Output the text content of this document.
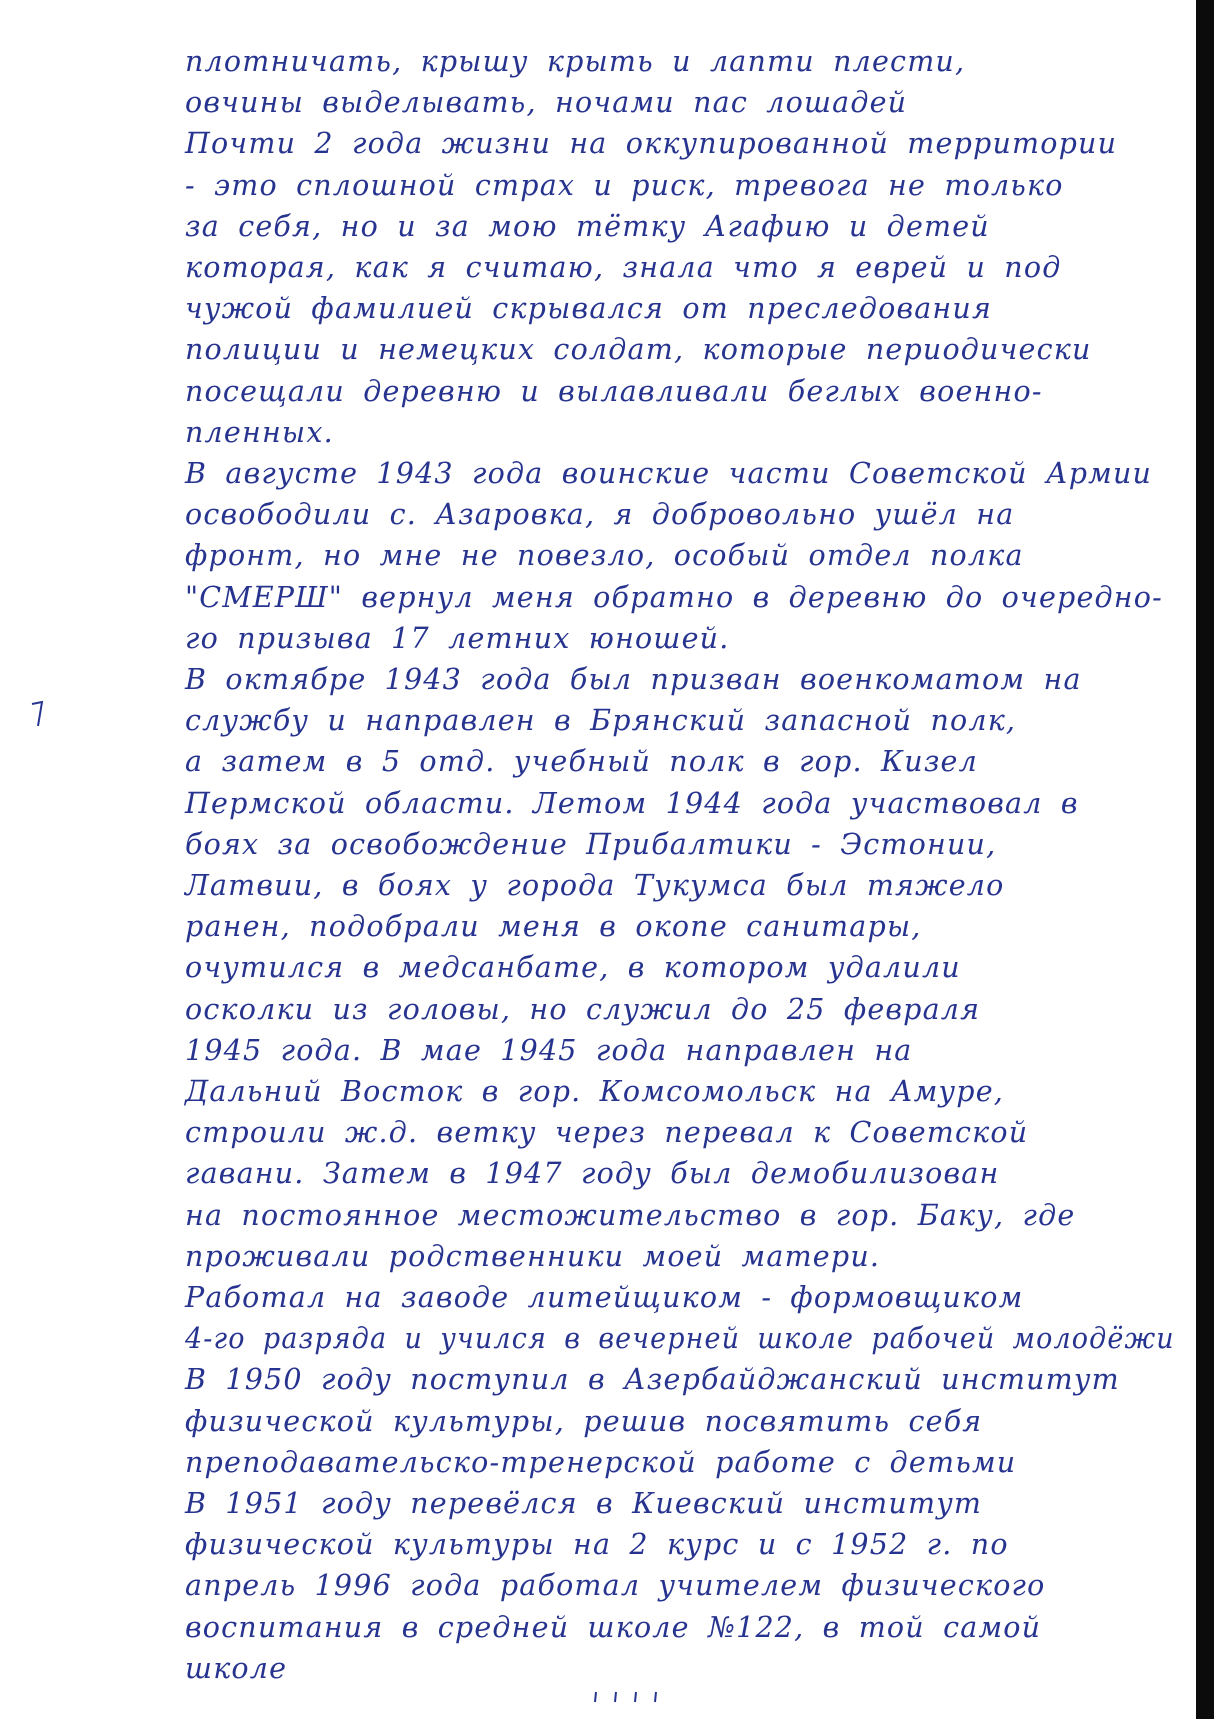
плотничать, крышу крыть и лапти плести,
овчины выделывать, ночами пас лошадей
Почти 2 года жизни на оккупированной территории
- это сплошной страх и риск, тревога не только
за себя, но и за мою тётку Агафию и детей
которая, как я считаю, знала что я еврей и под
чужой фамилией скрывался от преследования
полиции и немецких солдат, которые периодически
посещали деревню и вылавливали беглых военно-
пленных.
В августе 1943 года воинские части Советской Армии
освободили с. Азаровка, я добровольно ушёл на
фронт, но мне не повезло, особый отдел полка
"СМЕРШ" вернул меня обратно в деревню до очередно-
го призыва 17 летних юношей.
В октябре 1943 года был призван военкоматом на
службу и направлен в Брянский запасной полк,
а затем в 5 отд. учебный полк в гор. Кизел
Пермской области. Летом 1944 года участвовал в
боях за освобождение Прибалтики - Эстонии,
Латвии, в боях у города Тукумса был тяжело
ранен, подобрали меня в окопе санитары,
очутился в медсанбате, в котором удалили
осколки из головы, но служил до 25 февраля
1945 года. В мае 1945 года направлен на
Дальний Восток в гор. Комсомольск на Амуре,
строили ж.д. ветку через перевал к Советской
гавани. Затем в 1947 году был демобилизован
на постоянное местожительство в гор. Баку, где
проживали родственники моей матери.
Работал на заводе литейщиком - формовщиком
4-го разряда и учился в вечерней школе рабочей молодёжи
В 1950 году поступил в Азербайджанский институт
физической культуры, решив посвятить себя
преподавательско-тренерской работе с детьми
В 1951 году перевёлся в Киевский институт
физической культуры на 2 курс и с 1952 г. по
апрель 1996 года работал учителем физического
воспитания в средней школе №122, в той самой
школе
